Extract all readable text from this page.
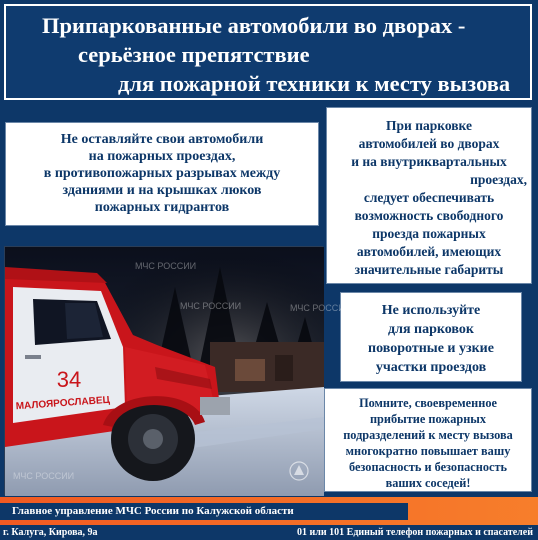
Припаркованные автомобили во дворах -
серьёзное препятствие
для пожарной техники к месту вызова
Не оставляйте свои автомобили
на пожарных проездах,
в противопожарных разрывах между
зданиями и на крышках люков
пожарных гидрантов
При парковке
автомобилей во дворах
и на внутриквартальных
проездах,
следует обеспечивать
возможность свободного
проезда пожарных
автомобилей, имеющих
значительные габариты
Не используйте
для парковок
поворотные и узкие
участки проездов
Помните, своевременное
прибытие пожарных
подразделений к месту вызова
многократно повышает вашу
безопасность и безопасность
ваших соседей!
34
МАЛОЯРОСЛАВЕЦ
МЧС РОССИИ
МЧС РОССИИ	МЧС РОССИИ
МЧС РОССИИ
Главное управление МЧС России по Калужской области
г. Калуга, Кирова, 9а	01 или 101 Единый телефон пожарных и спасателей
